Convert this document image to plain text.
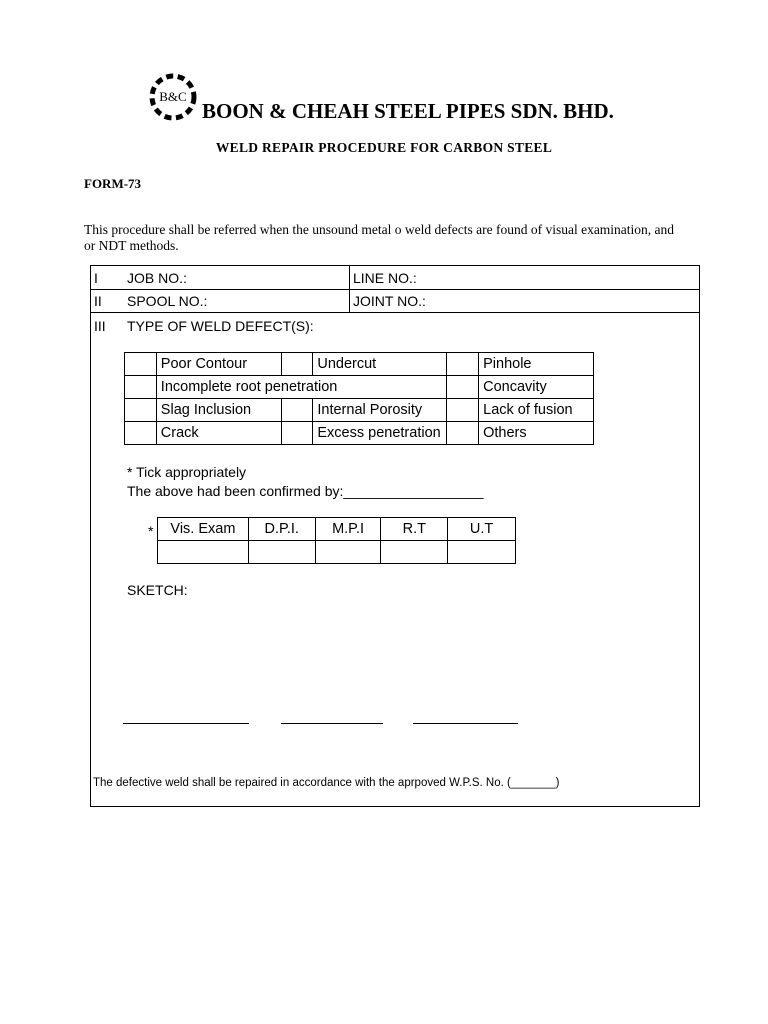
B&C
BOON & CHEAH STEEL PIPES SDN. BHD.
WELD REPAIR PROCEDURE FOR CARBON STEEL
FORM-73
This procedure shall be referred when the unsound metal o weld defects are found of visual examination, and or NDT methods.
I JOB NO.:	LINE NO.:
II SPOOL NO.:	JOINT NO.:
III TYPE OF WELD DEFECT(S):
* Tick appropriately
The above had been confirmed by:__________________
*
SKETCH:
The defective weld shall be repaired in accordance with the aprpoved W.P.S. No. (_______)
	Poor Contour		Undercut		Pinhole
	Incomplete root penetration				Concavity
	Slag Inclusion		Internal Porosity		Lack of fusion
	Crack		Excess penetration		Others
Vis. Exam	D.P.I.	M.P.I	R.T	U.T
